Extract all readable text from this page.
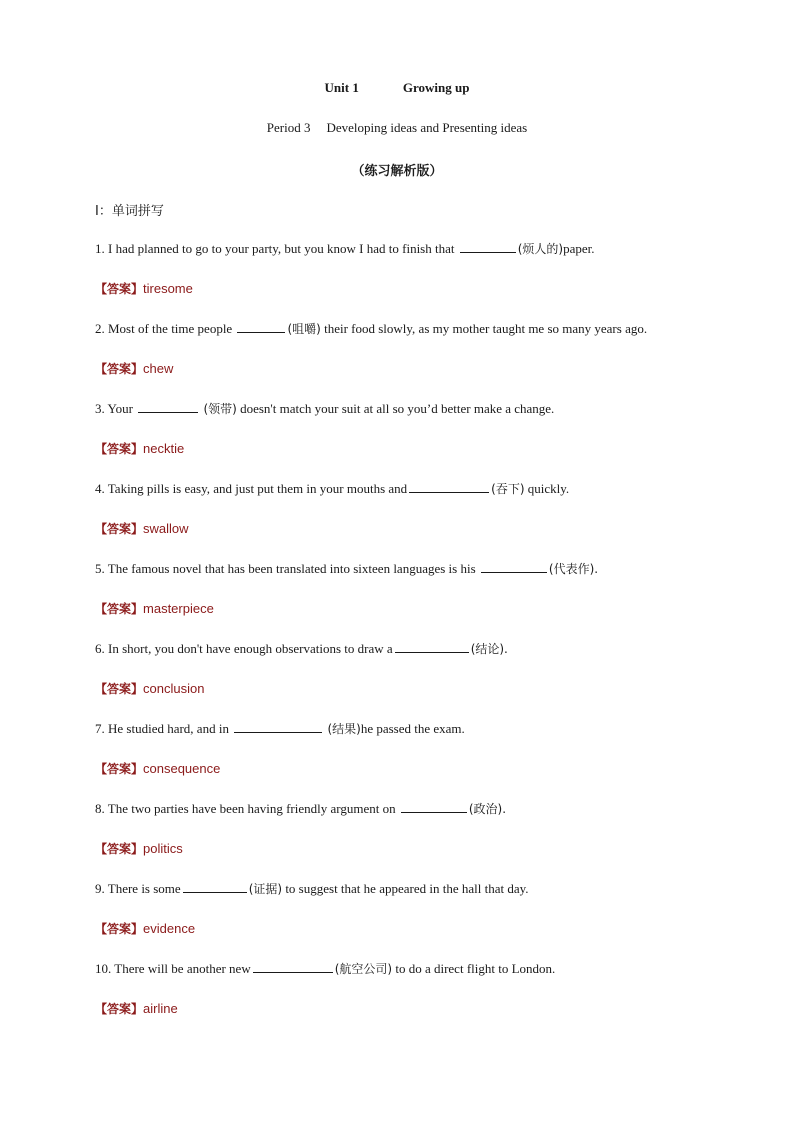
Unit 1	Growing up
Period 3 Developing ideas and Presenting ideas
（练习解析版）
I：单词拼写
1. I had planned to go to your party, but you know I had to finish that	(烦人的)paper.
【答案】tiresome
2. Most of the time people	(咀嚼) their food slowly, as my mother taught me so many years ago.
【答案】chew
3. Your	(领带) doesn't match your suit at all so you’d better make a change.
【答案】necktie
4. Taking pills is easy, and just put them in your mouths and	(吞下) quickly.
【答案】swallow
5. The famous novel that has been translated into sixteen languages is his	(代表作).
【答案】masterpiece
6. In short, you don't have enough observations to draw a	(结论).
【答案】conclusion
7. He studied hard, and in	(结果)he passed the exam.
【答案】consequence
8. The two parties have been having friendly argument on	(政治).
【答案】politics
9. There is some	(证据) to suggest that he appeared in the hall that day.
【答案】evidence
10. There will be another new	(航空公司) to do a direct flight to London.
【答案】airline
